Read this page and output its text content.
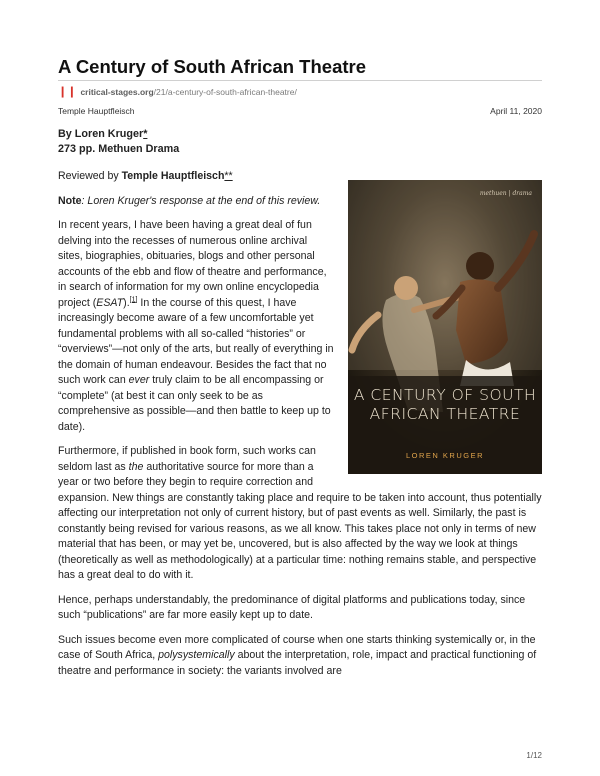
A Century of South African Theatre
❙❙ critical-stages.org/21/a-century-of-south-african-theatre/
Temple Hauptfleisch	April 11, 2020

By Loren Kruger*
273 pp. Methuen Drama

methuen | drama
A CENTURY OF SOUTH AFRICAN THEATRE
LOREN KRUGER

Reviewed by Temple Hauptfleisch**

Note: Loren Kruger's response at the end of this review.

In recent years, I have been having a great deal of fun delving into the recesses of numerous online archival sites, biographies, obituaries, blogs and other personal accounts of the ebb and flow of theatre and performance, in search of information for my own online encyclopedia project (ESAT).[1] In the course of this quest, I have increasingly become aware of a few uncomfortable yet fundamental problems with all so-called “histories” or “overviews”—not only of the arts, but really of everything in the domain of human endeavour. Besides the fact that no such work can ever truly claim to be all encompassing or “complete” (at best it can only seek to be as comprehensive as possible—and then battle to keep up to date).

Furthermore, if published in book form, such works can seldom last as the authoritative source for more than a year or two before they begin to require correction and expansion. New things are constantly taking place and require to be taken into account, thus potentially affecting our interpretation not only of current history, but of past events as well. Similarly, the past is constantly being revised for various reasons, as we all know. This takes place not only in terms of new material that has been, or may yet be, uncovered, but is also affected by the way we look at things (theoretically as well as methodologically) at a particular time: nothing remains stable, and perspective has a great deal to do with it.

Hence, perhaps understandably, the predominance of digital platforms and publications today, since such “publications” are far more easily kept up to date.

Such issues become even more complicated of course when one starts thinking systemically or, in the case of South Africa, polysystemically about the interpretation, role, impact and practical functioning of theatre and performance in society: the variants involved are

1/12
